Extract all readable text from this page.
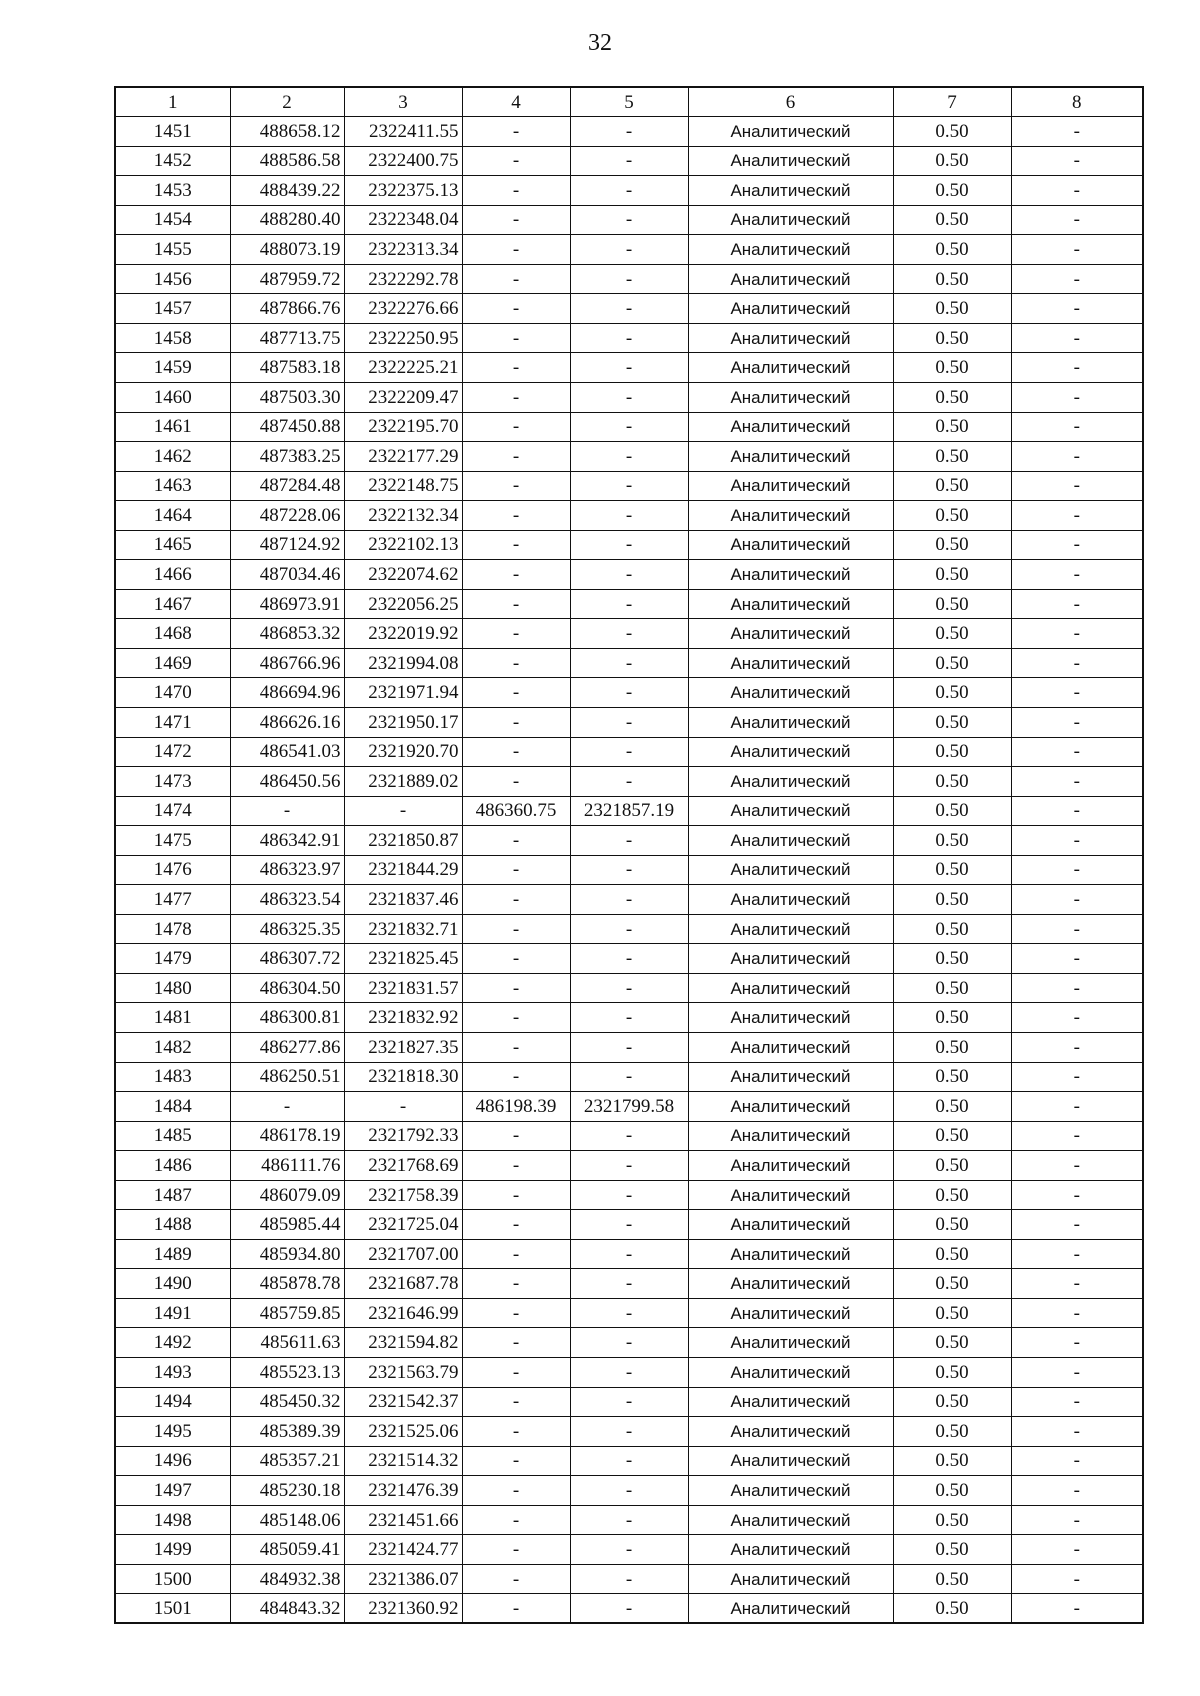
32
1	2	3	4	5	6	7	8
1451	488658.12	2322411.55	-	-	Аналитический	0.50	-
1452	488586.58	2322400.75	-	-	Аналитический	0.50	-
1453	488439.22	2322375.13	-	-	Аналитический	0.50	-
1454	488280.40	2322348.04	-	-	Аналитический	0.50	-
1455	488073.19	2322313.34	-	-	Аналитический	0.50	-
1456	487959.72	2322292.78	-	-	Аналитический	0.50	-
1457	487866.76	2322276.66	-	-	Аналитический	0.50	-
1458	487713.75	2322250.95	-	-	Аналитический	0.50	-
1459	487583.18	2322225.21	-	-	Аналитический	0.50	-
1460	487503.30	2322209.47	-	-	Аналитический	0.50	-
1461	487450.88	2322195.70	-	-	Аналитический	0.50	-
1462	487383.25	2322177.29	-	-	Аналитический	0.50	-
1463	487284.48	2322148.75	-	-	Аналитический	0.50	-
1464	487228.06	2322132.34	-	-	Аналитический	0.50	-
1465	487124.92	2322102.13	-	-	Аналитический	0.50	-
1466	487034.46	2322074.62	-	-	Аналитический	0.50	-
1467	486973.91	2322056.25	-	-	Аналитический	0.50	-
1468	486853.32	2322019.92	-	-	Аналитический	0.50	-
1469	486766.96	2321994.08	-	-	Аналитический	0.50	-
1470	486694.96	2321971.94	-	-	Аналитический	0.50	-
1471	486626.16	2321950.17	-	-	Аналитический	0.50	-
1472	486541.03	2321920.70	-	-	Аналитический	0.50	-
1473	486450.56	2321889.02	-	-	Аналитический	0.50	-
1474	-	-	486360.75	2321857.19	Аналитический	0.50	-
1475	486342.91	2321850.87	-	-	Аналитический	0.50	-
1476	486323.97	2321844.29	-	-	Аналитический	0.50	-
1477	486323.54	2321837.46	-	-	Аналитический	0.50	-
1478	486325.35	2321832.71	-	-	Аналитический	0.50	-
1479	486307.72	2321825.45	-	-	Аналитический	0.50	-
1480	486304.50	2321831.57	-	-	Аналитический	0.50	-
1481	486300.81	2321832.92	-	-	Аналитический	0.50	-
1482	486277.86	2321827.35	-	-	Аналитический	0.50	-
1483	486250.51	2321818.30	-	-	Аналитический	0.50	-
1484	-	-	486198.39	2321799.58	Аналитический	0.50	-
1485	486178.19	2321792.33	-	-	Аналитический	0.50	-
1486	486111.76	2321768.69	-	-	Аналитический	0.50	-
1487	486079.09	2321758.39	-	-	Аналитический	0.50	-
1488	485985.44	2321725.04	-	-	Аналитический	0.50	-
1489	485934.80	2321707.00	-	-	Аналитический	0.50	-
1490	485878.78	2321687.78	-	-	Аналитический	0.50	-
1491	485759.85	2321646.99	-	-	Аналитический	0.50	-
1492	485611.63	2321594.82	-	-	Аналитический	0.50	-
1493	485523.13	2321563.79	-	-	Аналитический	0.50	-
1494	485450.32	2321542.37	-	-	Аналитический	0.50	-
1495	485389.39	2321525.06	-	-	Аналитический	0.50	-
1496	485357.21	2321514.32	-	-	Аналитический	0.50	-
1497	485230.18	2321476.39	-	-	Аналитический	0.50	-
1498	485148.06	2321451.66	-	-	Аналитический	0.50	-
1499	485059.41	2321424.77	-	-	Аналитический	0.50	-
1500	484932.38	2321386.07	-	-	Аналитический	0.50	-
1501	484843.32	2321360.92	-	-	Аналитический	0.50	-
